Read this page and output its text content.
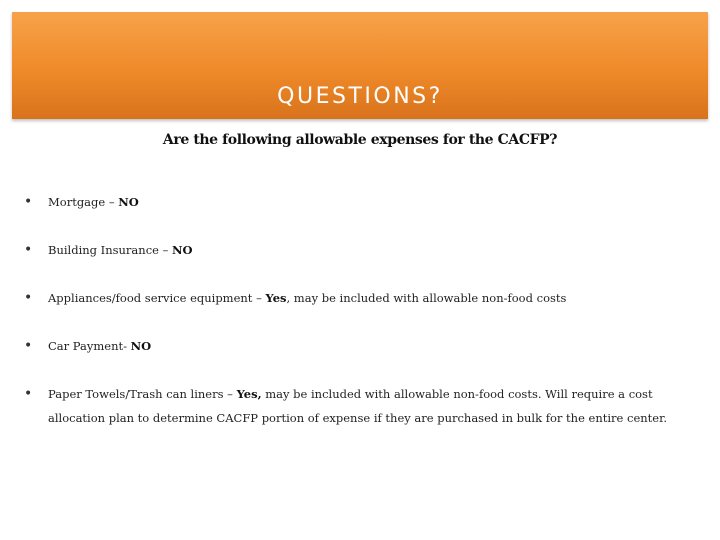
QUESTIONS?
Are the following allowable expenses for the CACFP?
• Mortgage – NO
• Building Insurance – NO
• Appliances/food service equipment – Yes, may be included with allowable non-food costs
• Car Payment- NO
• Paper Towels/Trash can liners – Yes, may be included with allowable non-food costs. Will require a cost allocation plan to determine CACFP portion of expense if they are purchased in bulk for the entire center.
